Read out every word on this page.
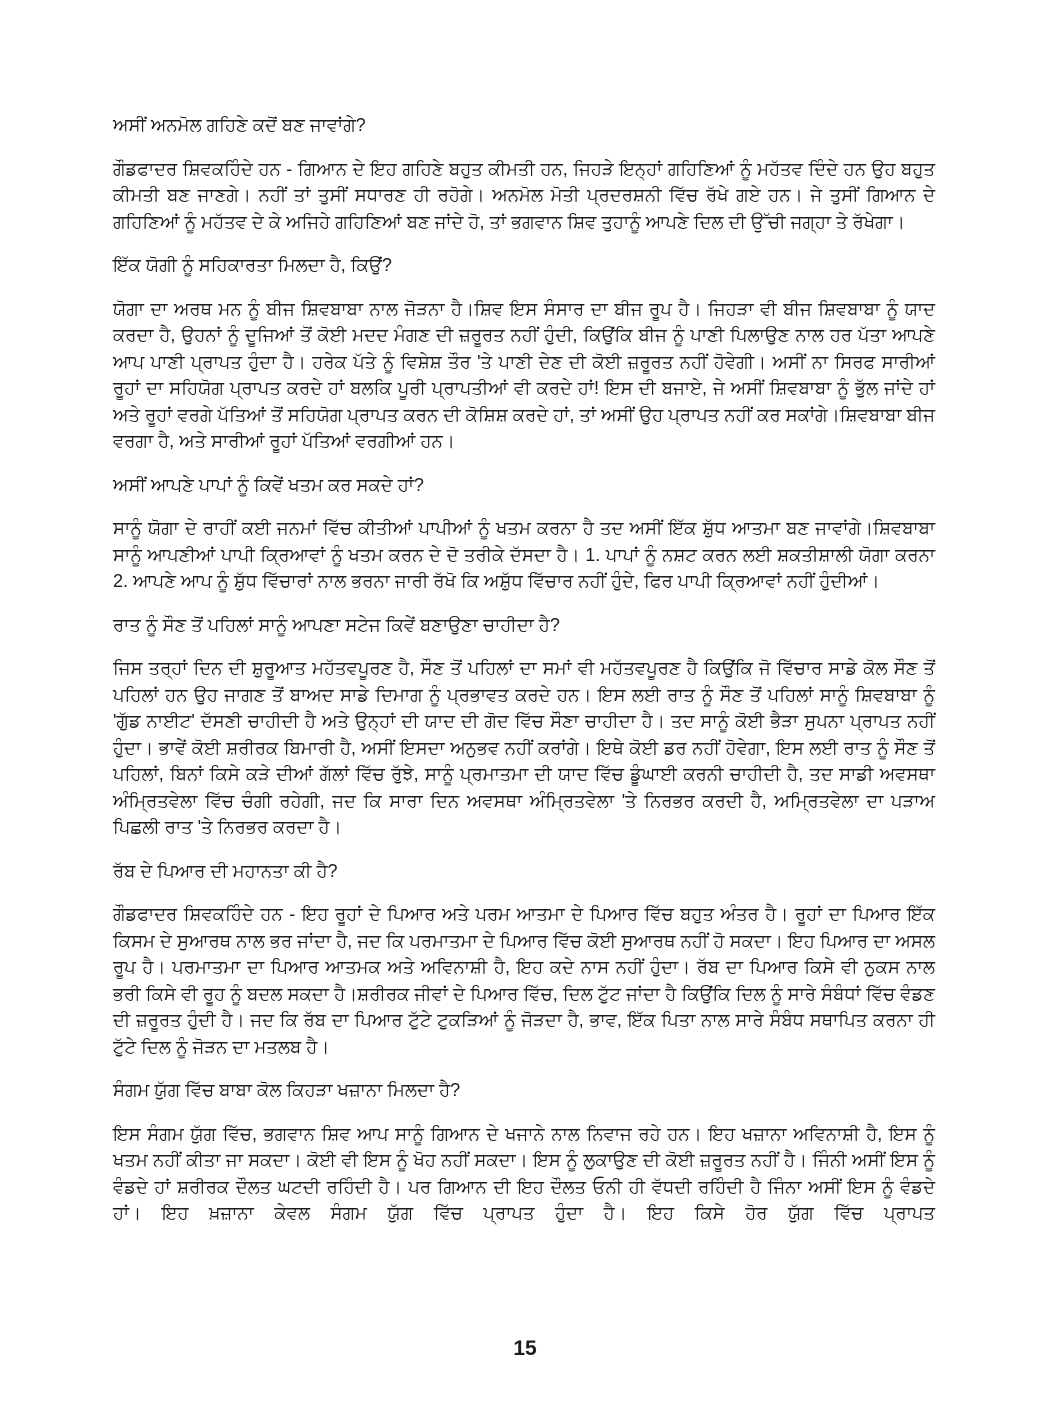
ਅਸੀਂ ਅਨਮੋਲ ਗਹਿਣੇ ਕਦੋਂ ਬਣ ਜਾਵਾਂਗੇ?

ਗੌਡਫਾਦਰ ਸ਼ਿਵਕਹਿੰਦੇ ਹਨ - ਗਿਆਨ ਦੇ ਇਹ ਗਹਿਣੇ ਬਹੁਤ ਕੀਮਤੀ ਹਨ, ਜਿਹੜੇ ਇਨ੍ਹਾਂ ਗਹਿਣਿਆਂ ਨੂੰ ਮਹੱਤਵ ਦਿੰਦੇ ਹਨ ਉਹ ਬਹੁਤ ਕੀਮਤੀ ਬਣ ਜਾਣਗੇ। ਨਹੀਂ ਤਾਂ ਤੁਸੀਂ ਸਧਾਰਣ ਹੀ ਰਹੋਗੇ। ਅਨਮੋਲ ਮੋਤੀ ਪ੍ਰਦਰਸ਼ਨੀ ਵਿੱਚ ਰੱਖੇ ਗਏ ਹਨ। ਜੇ ਤੁਸੀਂ ਗਿਆਨ ਦੇ ਗਹਿਣਿਆਂ ਨੂੰ ਮਹੱਤਵ ਦੇ ਕੇ ਅਜਿਹੇ ਗਹਿਣਿਆਂ ਬਣ ਜਾਂਦੇ ਹੋ, ਤਾਂ ਭਗਵਾਨ ਸ਼ਿਵ ਤੁਹਾਨੂੰ ਆਪਣੇ ਦਿਲ ਦੀ ਉੱਚੀ ਜਗ੍ਹਾ ਤੇ ਰੱਖੇਗਾ।

ਇੱਕ ਯੋਗੀ ਨੂੰ ਸਹਿਕਾਰਤਾ ਮਿਲਦਾ ਹੈ, ਕਿਉਂ?

ਯੋਗਾ ਦਾ ਅਰਥ ਮਨ ਨੂੰ ਬੀਜ ਸ਼ਿਵਬਾਬਾ ਨਾਲ ਜੋੜਨਾ ਹੈ।ਸ਼ਿਵ ਇਸ ਸੰਸਾਰ ਦਾ ਬੀਜ ਰੂਪ ਹੈ। ਜਿਹੜਾ ਵੀ ਬੀਜ ਸ਼ਿਵਬਾਬਾ ਨੂੰ ਯਾਦ ਕਰਦਾ ਹੈ, ਉਹਨਾਂ ਨੂੰ ਦੂਜਿਆਂ ਤੋਂ ਕੋਈ ਮਦਦ ਮੰਗਣ ਦੀ ਜ਼ਰੂਰਤ ਨਹੀਂ ਹੁੰਦੀ, ਕਿਉਂਕਿ ਬੀਜ ਨੂੰ ਪਾਣੀ ਪਿਲਾਉਣ ਨਾਲ ਹਰ ਪੱਤਾ ਆਪਣੇ ਆਪ ਪਾਣੀ ਪ੍ਰਾਪਤ ਹੁੰਦਾ ਹੈ। ਹਰੇਕ ਪੱਤੇ ਨੂੰ ਵਿਸ਼ੇਸ਼ ਤੌਰ 'ਤੇ ਪਾਣੀ ਦੇਣ ਦੀ ਕੋਈ ਜ਼ਰੂਰਤ ਨਹੀਂ ਹੋਵੇਗੀ। ਅਸੀਂ ਨਾ ਸਿਰਫ ਸਾਰੀਆਂ ਰੂਹਾਂ ਦਾ ਸਹਿਯੋਗ ਪ੍ਰਾਪਤ ਕਰਦੇ ਹਾਂ ਬਲਕਿ ਪੂਰੀ ਪ੍ਰਾਪਤੀਆਂ ਵੀ ਕਰਦੇ ਹਾਂ! ਇਸ ਦੀ ਬਜਾਏ, ਜੇ ਅਸੀਂ ਸ਼ਿਵਬਾਬਾ ਨੂੰ ਭੁੱਲ ਜਾਂਦੇ ਹਾਂ ਅਤੇ ਰੂਹਾਂ ਵਰਗੇ ਪੱਤਿਆਂ ਤੋਂ ਸਹਿਯੋਗ ਪ੍ਰਾਪਤ ਕਰਨ ਦੀ ਕੋਸ਼ਿਸ਼ ਕਰਦੇ ਹਾਂ, ਤਾਂ ਅਸੀਂ ਉਹ ਪ੍ਰਾਪਤ ਨਹੀਂ ਕਰ ਸਕਾਂਗੇ।ਸ਼ਿਵਬਾਬਾ ਬੀਜ ਵਰਗਾ ਹੈ, ਅਤੇ ਸਾਰੀਆਂ ਰੂਹਾਂ ਪੱਤਿਆਂ ਵਰਗੀਆਂ ਹਨ।

ਅਸੀਂ ਆਪਣੇ ਪਾਪਾਂ ਨੂੰ ਕਿਵੇਂ ਖਤਮ ਕਰ ਸਕਦੇ ਹਾਂ?

ਸਾਨੂੰ ਯੋਗਾ ਦੇ ਰਾਹੀਂ ਕਈ ਜਨਮਾਂ ਵਿੱਚ ਕੀਤੀਆਂ ਪਾਪੀਆਂ ਨੂੰ ਖਤਮ ਕਰਨਾ ਹੈ ਤਦ ਅਸੀਂ ਇੱਕ ਸ਼ੁੱਧ ਆਤਮਾ ਬਣ ਜਾਵਾਂਗੇ।ਸ਼ਿਵਬਾਬਾ ਸਾਨੂੰ ਆਪਣੀਆਂ ਪਾਪੀ ਕ੍ਰਿਆਵਾਂ ਨੂੰ ਖਤਮ ਕਰਨ ਦੇ ਦੋ ਤਰੀਕੇ ਦੱਸਦਾ ਹੈ। 1. ਪਾਪਾਂ ਨੂੰ ਨਸ਼ਟ ਕਰਨ ਲਈ ਸ਼ਕਤੀਸ਼ਾਲੀ ਯੋਗਾ ਕਰਨਾ 2. ਆਪਣੇ ਆਪ ਨੂੰ ਸ਼ੁੱਧ ਵਿੱਚਾਰਾਂ ਨਾਲ ਭਰਨਾ ਜਾਰੀ ਰੱਖੋ ਕਿ ਅਸ਼ੁੱਧ ਵਿੱਚਾਰ ਨਹੀਂ ਹੁੰਦੇ, ਫਿਰ ਪਾਪੀ ਕ੍ਰਿਆਵਾਂ ਨਹੀਂ ਹੁੰਦੀਆਂ।

ਰਾਤ ਨੂੰ ਸੌਣ ਤੋਂ ਪਹਿਲਾਂ ਸਾਨੂੰ ਆਪਣਾ ਸਟੇਜ ਕਿਵੇਂ ਬਣਾਉਣਾ ਚਾਹੀਦਾ ਹੈ?

ਜਿਸ ਤਰ੍ਹਾਂ ਦਿਨ ਦੀ ਸ਼ੁਰੂਆਤ ਮਹੱਤਵਪੂਰਣ ਹੈ, ਸੌਣ ਤੋਂ ਪਹਿਲਾਂ ਦਾ ਸਮਾਂ ਵੀ ਮਹੱਤਵਪੂਰਣ ਹੈ ਕਿਉਂਕਿ ਜੋ ਵਿੱਚਾਰ ਸਾਡੇ ਕੋਲ ਸੌਣ ਤੋਂ ਪਹਿਲਾਂ ਹਨ ਉਹ ਜਾਗਣ ਤੋਂ ਬਾਅਦ ਸਾਡੇ ਦਿਮਾਗ ਨੂੰ ਪ੍ਰਭਾਵਤ ਕਰਦੇ ਹਨ। ਇਸ ਲਈ ਰਾਤ ਨੂੰ ਸੌਣ ਤੋਂ ਪਹਿਲਾਂ ਸਾਨੂੰ ਸ਼ਿਵਬਾਬਾ ਨੂੰ 'ਗੁੱਡ ਨਾਈਟ' ਦੱਸਣੀ ਚਾਹੀਦੀ ਹੈ ਅਤੇ ਉਨ੍ਹਾਂ ਦੀ ਯਾਦ ਦੀ ਗੋਦ ਵਿੱਚ ਸੌਣਾ ਚਾਹੀਦਾ ਹੈ। ਤਦ ਸਾਨੂੰ ਕੋਈ ਭੈੜਾ ਸੁਪਨਾ ਪ੍ਰਾਪਤ ਨਹੀਂ ਹੁੰਦਾ। ਭਾਵੇਂ ਕੋਈ ਸ਼ਰੀਰਕ ਬਿਮਾਰੀ ਹੈ, ਅਸੀਂ ਇਸਦਾ ਅਨੁਭਵ ਨਹੀਂ ਕਰਾਂਗੇ। ਇਥੇ ਕੋਈ ਡਰ ਨਹੀਂ ਹੋਵੇਗਾ, ਇਸ ਲਈ ਰਾਤ ਨੂੰ ਸੌਣ ਤੋਂ ਪਹਿਲਾਂ, ਬਿਨਾਂ ਕਿਸੇ ਕੜੇ ਦੀਆਂ ਗੱਲਾਂ ਵਿੱਚ ਰੁੱਝੇ, ਸਾਨੂੰ ਪ੍ਰਮਾਤਮਾ ਦੀ ਯਾਦ ਵਿੱਚ ਡੂੰਘਾਈ ਕਰਨੀ ਚਾਹੀਦੀ ਹੈ, ਤਦ ਸਾਡੀ ਅਵਸਥਾ ਅੰਮ੍ਰਿਤਵੇਲਾ ਵਿੱਚ ਚੰਗੀ ਰਹੇਗੀ, ਜਦ ਕਿ ਸਾਰਾ ਦਿਨ ਅਵਸਥਾ ਅੰਮ੍ਰਿਤਵੇਲਾ 'ਤੇ ਨਿਰਭਰ ਕਰਦੀ ਹੈ, ਅਮ੍ਰਿਤਵੇਲਾ ਦਾ ਪੜਾਅ ਪਿਛਲੀ ਰਾਤ 'ਤੇ ਨਿਰਭਰ ਕਰਦਾ ਹੈ।

ਰੱਬ ਦੇ ਪਿਆਰ ਦੀ ਮਹਾਨਤਾ ਕੀ ਹੈ?

ਗੌਡਫਾਦਰ ਸ਼ਿਵਕਹਿੰਦੇ ਹਨ - ਇਹ ਰੂਹਾਂ ਦੇ ਪਿਆਰ ਅਤੇ ਪਰਮ ਆਤਮਾ ਦੇ ਪਿਆਰ ਵਿੱਚ ਬਹੁਤ ਅੰਤਰ ਹੈ। ਰੂਹਾਂ ਦਾ ਪਿਆਰ ਇੱਕ ਕਿਸਮ ਦੇ ਸੁਆਰਥ ਨਾਲ ਭਰ ਜਾਂਦਾ ਹੈ, ਜਦ ਕਿ ਪਰਮਾਤਮਾ ਦੇ ਪਿਆਰ ਵਿੱਚ ਕੋਈ ਸੁਆਰਥ ਨਹੀਂ ਹੋ ਸਕਦਾ। ਇਹ ਪਿਆਰ ਦਾ ਅਸਲ ਰੂਪ ਹੈ। ਪਰਮਾਤਮਾ ਦਾ ਪਿਆਰ ਆਤਮਕ ਅਤੇ ਅਵਿਨਾਸ਼ੀ ਹੈ, ਇਹ ਕਦੇ ਨਾਸ ਨਹੀਂ ਹੁੰਦਾ। ਰੱਬ ਦਾ ਪਿਆਰ ਕਿਸੇ ਵੀ ਨੁਕਸ ਨਾਲ ਭਰੀ ਕਿਸੇ ਵੀ ਰੂਹ ਨੂੰ ਬਦਲ ਸਕਦਾ ਹੈ।ਸ਼ਰੀਰਕ ਜੀਵਾਂ ਦੇ ਪਿਆਰ ਵਿੱਚ, ਦਿਲ ਟੁੱਟ ਜਾਂਦਾ ਹੈ ਕਿਉਂਕਿ ਦਿਲ ਨੂੰ ਸਾਰੇ ਸੰਬੰਧਾਂ ਵਿੱਚ ਵੰਡਣ ਦੀ ਜ਼ਰੂਰਤ ਹੁੰਦੀ ਹੈ। ਜਦ ਕਿ ਰੱਬ ਦਾ ਪਿਆਰ ਟੁੱਟੇ ਟੁਕੜਿਆਂ ਨੂੰ ਜੋੜਦਾ ਹੈ, ਭਾਵ, ਇੱਕ ਪਿਤਾ ਨਾਲ ਸਾਰੇ ਸੰਬੰਧ ਸਥਾਪਿਤ ਕਰਨਾ ਹੀ ਟੁੱਟੇ ਦਿਲ ਨੂੰ ਜੋੜਨ ਦਾ ਮਤਲਬ ਹੈ।

ਸੰਗਮ ਯੁੱਗ ਵਿੱਚ ਬਾਬਾ ਕੋਲ ਕਿਹੜਾ ਖਜ਼ਾਨਾ ਮਿਲਦਾ ਹੈ?

ਇਸ ਸੰਗਮ ਯੁੱਗ ਵਿੱਚ, ਭਗਵਾਨ ਸ਼ਿਵ ਆਪ ਸਾਨੂੰ ਗਿਆਨ ਦੇ ਖਜਾਨੇ ਨਾਲ ਨਿਵਾਜ ਰਹੇ ਹਨ। ਇਹ ਖਜ਼ਾਨਾ ਅਵਿਨਾਸ਼ੀ ਹੈ, ਇਸ ਨੂੰ ਖਤਮ ਨਹੀਂ ਕੀਤਾ ਜਾ ਸਕਦਾ। ਕੋਈ ਵੀ ਇਸ ਨੂੰ ਖੋਹ ਨਹੀਂ ਸਕਦਾ। ਇਸ ਨੂੰ ਲੁਕਾਉਣ ਦੀ ਕੋਈ ਜ਼ਰੂਰਤ ਨਹੀਂ ਹੈ। ਜਿੰਨੀ ਅਸੀਂ ਇਸ ਨੂੰ ਵੰਡਦੇ ਹਾਂ ਸ਼ਰੀਰਕ ਦੌਲਤ ਘਟਦੀ ਰਹਿੰਦੀ ਹੈ। ਪਰ ਗਿਆਨ ਦੀ ਇਹ ਦੌਲਤ ਓਨੀ ਹੀ ਵੱਧਦੀ ਰਹਿੰਦੀ ਹੈ ਜਿੰਨਾ ਅਸੀਂ ਇਸ ਨੂੰ ਵੰਡਦੇ ਹਾਂ। ਇਹ ਖ਼ਜ਼ਾਨਾ ਕੇਵਲ ਸੰਗਮ ਯੁੱਗ ਵਿੱਚ ਪ੍ਰਾਪਤ ਹੁੰਦਾ ਹੈ। ਇਹ ਕਿਸੇ ਹੋਰ ਯੁੱਗ ਵਿੱਚ ਪ੍ਰਾਪਤ

15
